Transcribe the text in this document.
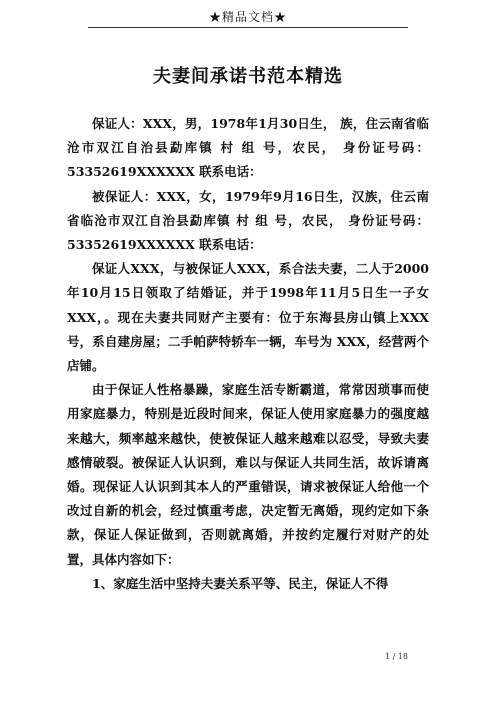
★精品文档★
夫妻间承诺书范本精选

保证人：XXX，男，1978年1月30日生， 族，住云南省临沧市双江自治县勐库镇 村 组 号，农民， 身份证号码：53352619XXXXXX 联系电话：

被保证人：XXX，女，1979年9月16日生，汉族，住云南省临沧市双江自治县勐库镇 村 组 号，农民， 身份证号码：53352619XXXXXX 联系电话：

保证人XXX，与被保证人XXX，系合法夫妻，二人于2000年10月15日领取了结婚证，并于1998年11月5日生一子女 XXX，。现在夫妻共同财产主要有：位于东海县房山镇上XXX 号，系自建房屋；二手帕萨特轿车一辆，车号为 XXX，经营两个店铺。

由于保证人性格暴躁，家庭生活专断霸道，常常因琐事而使用家庭暴力，特别是近段时间来，保证人使用家庭暴力的强度越来越大，频率越来越快，使被保证人越来越难以忍受，导致夫妻感情破裂。被保证人认识到，难以与保证人共同生活，故诉请离婚。现保证人认识到其本人的严重错误，请求被保证人给他一个改过自新的机会，经过慎重考虑，决定暂无离婚，现约定如下条款，保证人保证做到，否则就离婚，并按约定履行对财产的处置，具体内容如下：

1、家庭生活中坚持夫妻关系平等、民主，保证人不得

1 / 18
